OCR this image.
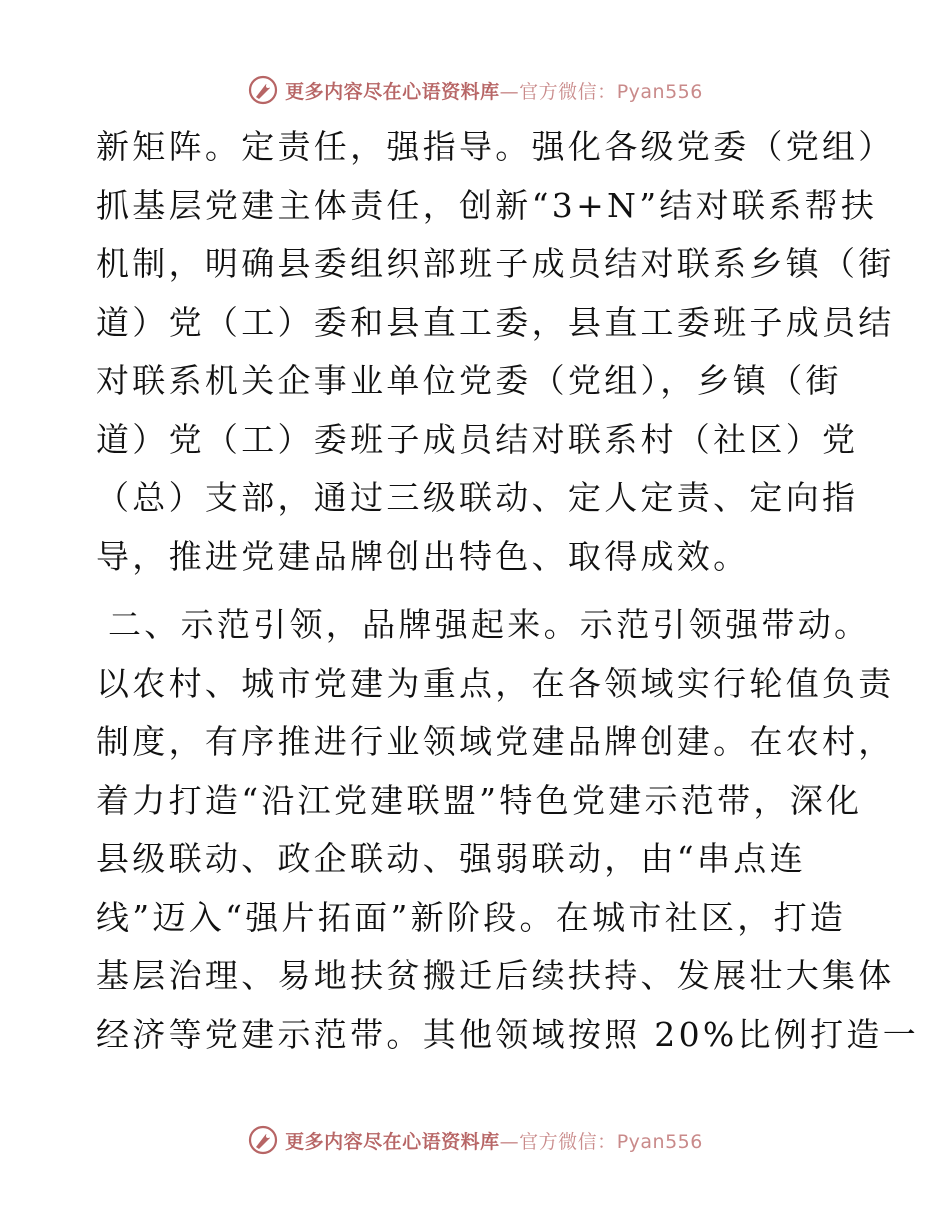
更多内容尽在心语资料库—官方微信：Pyan556
新矩阵。定责任，强指导。强化各级党委（党组）
抓基层党建主体责任，创新“3+N”结对联系帮扶
机制，明确县委组织部班子成员结对联系乡镇（街
道）党（工）委和县直工委，县直工委班子成员结
对联系机关企事业单位党委（党组），乡镇（街
道）党（工）委班子成员结对联系村（社区）党
（总）支部，通过三级联动、定人定责、定向指
导，推进党建品牌创出特色、取得成效。
二、示范引领，品牌强起来。示范引领强带动。
以农村、城市党建为重点，在各领域实行轮值负责
制度，有序推进行业领域党建品牌创建。在农村，
着力打造“沿江党建联盟”特色党建示范带，深化
县级联动、政企联动、强弱联动，由“串点连
线”迈入“强片拓面”新阶段。在城市社区，打造
基层治理、易地扶贫搬迁后续扶持、发展壮大集体
经济等党建示范带。其他领域按照 20%比例打造一
更多内容尽在心语资料库—官方微信：Pyan556
